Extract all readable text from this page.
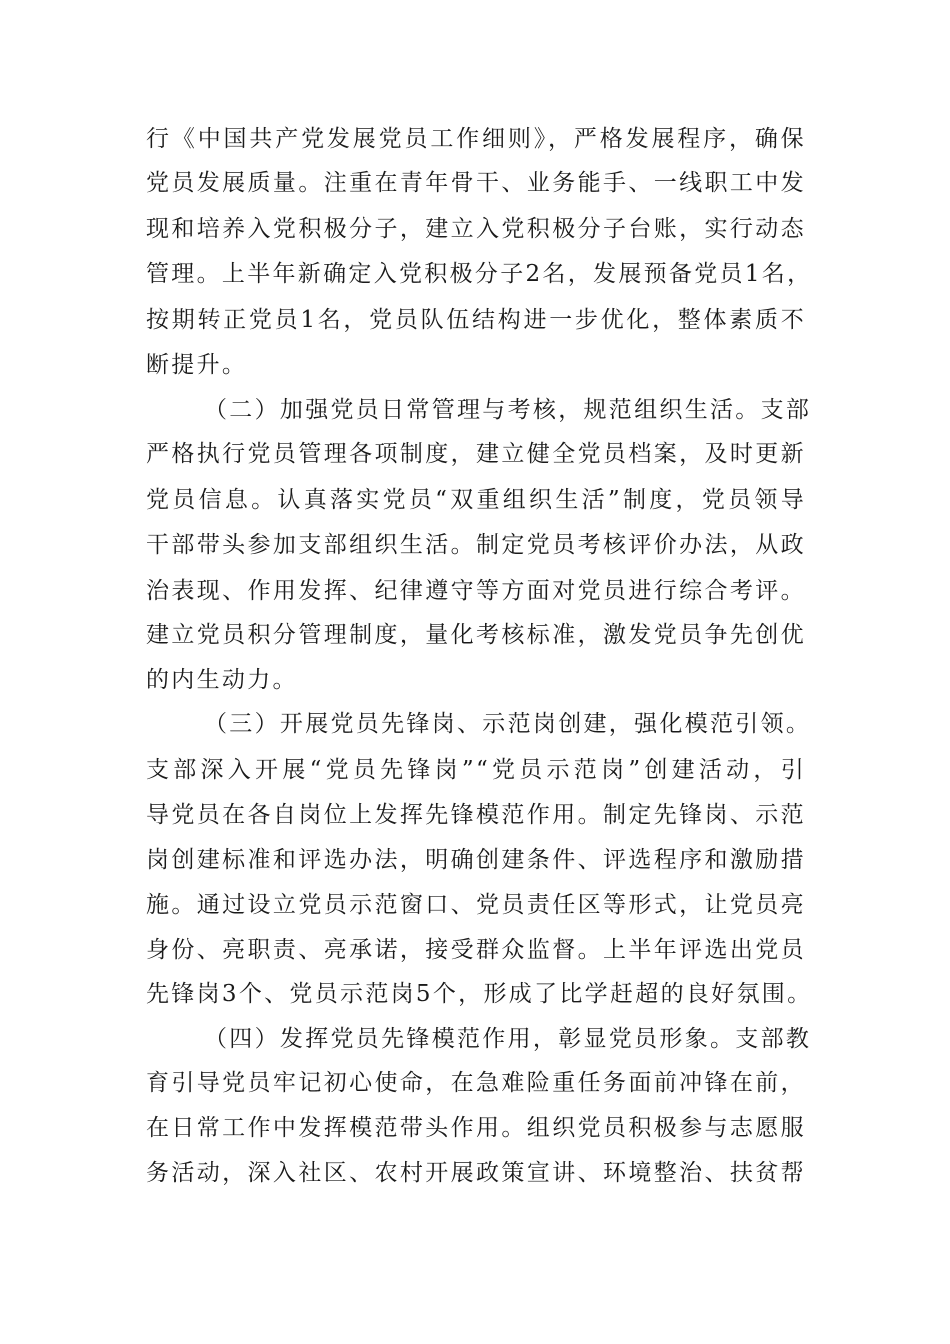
行《中国共产党发展党员工作细则》，严格发展程序，确保
党员发展质量。注重在青年骨干、业务能手、一线职工中发
现和培养入党积极分子，建立入党积极分子台账，实行动态
管理。上半年新确定入党积极分子2名，发展预备党员1名，
按期转正党员1名，党员队伍结构进一步优化，整体素质不
断提升。
（二）加强党员日常管理与考核，规范组织生活。支部
严格执行党员管理各项制度，建立健全党员档案，及时更新
党员信息。认真落实党员“双重组织生活”制度，党员领导
干部带头参加支部组织生活。制定党员考核评价办法，从政
治表现、作用发挥、纪律遵守等方面对党员进行综合考评。
建立党员积分管理制度，量化考核标准，激发党员争先创优
的内生动力。
（三）开展党员先锋岗、示范岗创建，强化模范引领。
支部深入开展“党员先锋岗”“党员示范岗”创建活动，引
导党员在各自岗位上发挥先锋模范作用。制定先锋岗、示范
岗创建标准和评选办法，明确创建条件、评选程序和激励措
施。通过设立党员示范窗口、党员责任区等形式，让党员亮
身份、亮职责、亮承诺，接受群众监督。上半年评选出党员
先锋岗3个、党员示范岗5个，形成了比学赶超的良好氛围。
（四）发挥党员先锋模范作用，彰显党员形象。支部教
育引导党员牢记初心使命，在急难险重任务面前冲锋在前，
在日常工作中发挥模范带头作用。组织党员积极参与志愿服
务活动，深入社区、农村开展政策宣讲、环境整治、扶贫帮
